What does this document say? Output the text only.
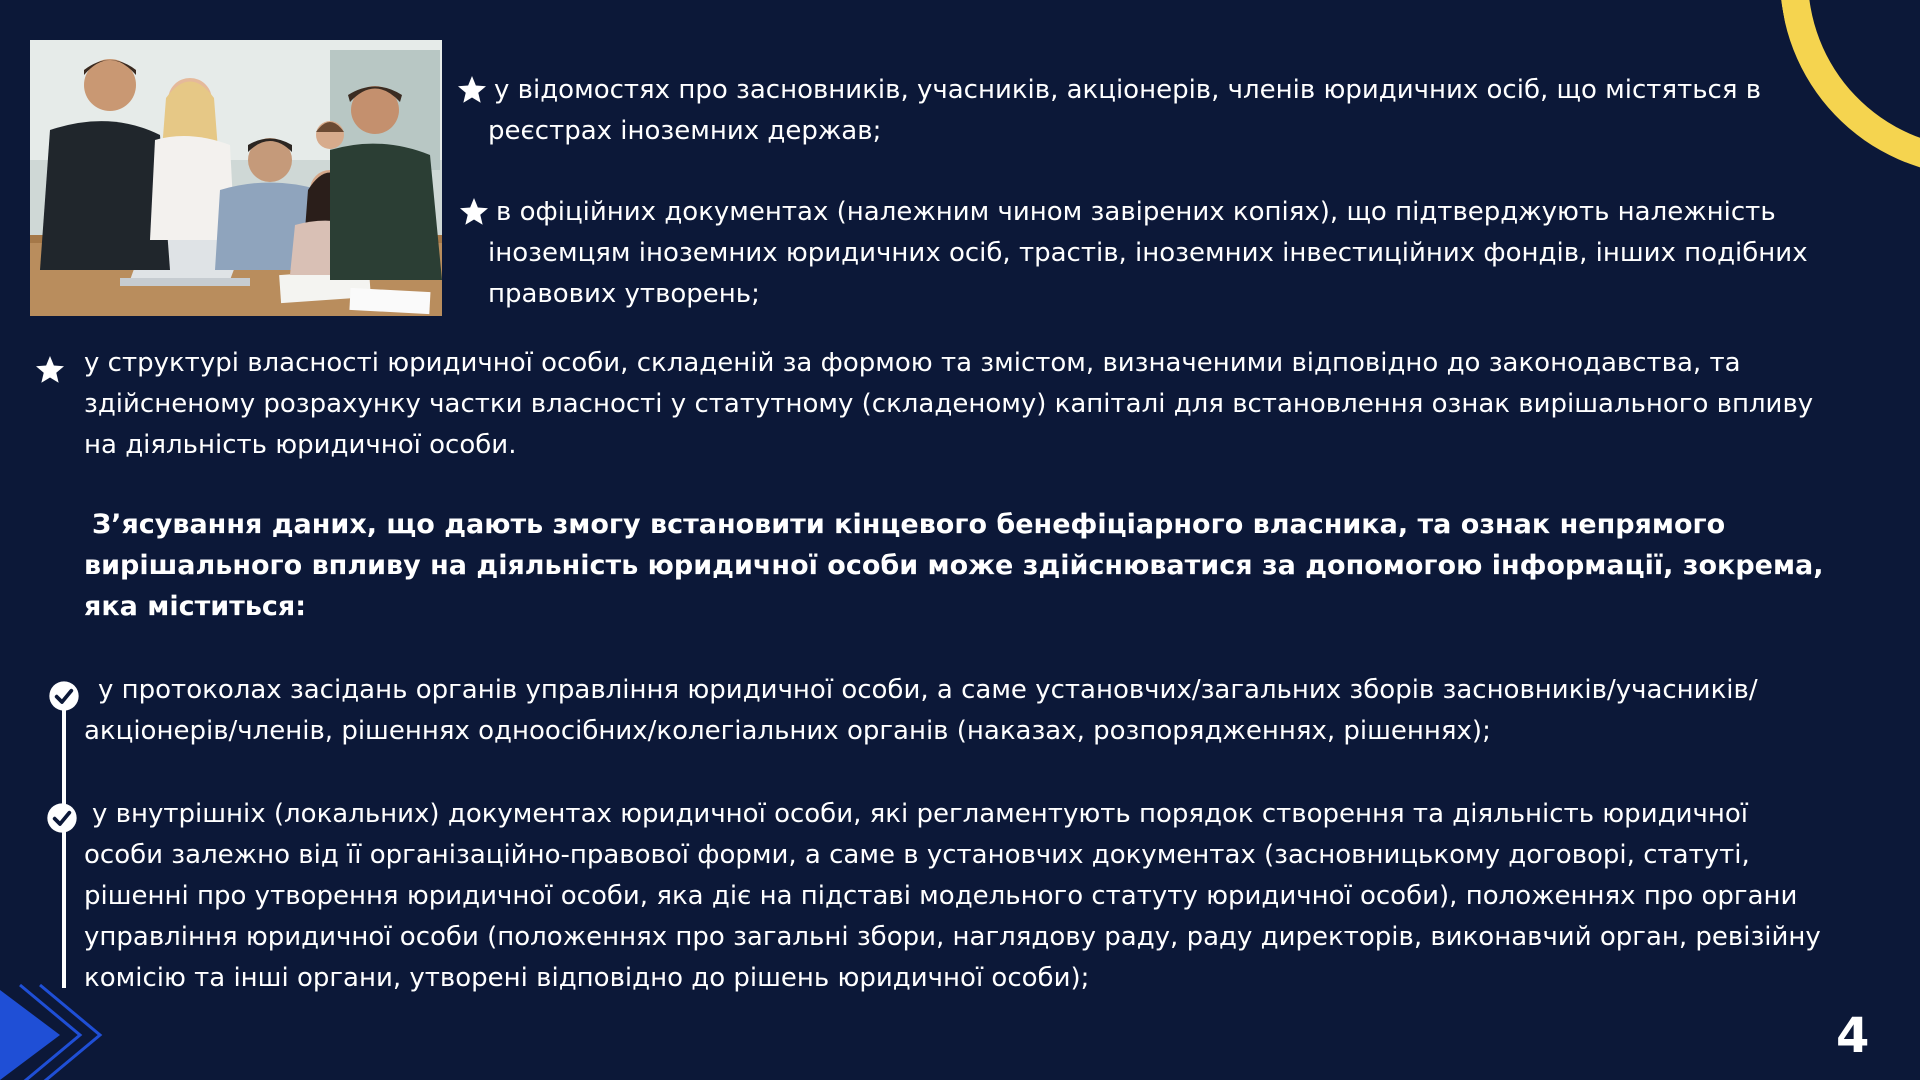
у відомостях про засновників, учасників, акціонерів, членів юридичних осіб, що містяться в
реєстрах іноземних держав;
в офіційних документах (належним чином завірених копіях), що підтверджують належність
іноземцям іноземних юридичних осіб, трастів, іноземних інвестиційних фондів, інших подібних
правових утворень;
у структурі власності юридичної особи, складеній за формою та змістом, визначеними відповідно до законодавства, та
здійсненому розрахунку частки власності у статутному (складеному) капіталі для встановлення ознак вирішального впливу
на діяльність юридичної особи.
З’ясування даних, що дають змогу встановити кінцевого бенефіціарного власника, та ознак непрямого
вирішального впливу на діяльність юридичної особи може здійснюватися за допомогою інформації, зокрема,
яка міститься:
у протоколах засідань органів управління юридичної особи, а саме установчих/загальних зборів засновників/учасників/
акціонерів/членів, рішеннях одноосібних/колегіальних органів (наказах, розпорядженнях, рішеннях);
у внутрішніх (локальних) документах юридичної особи, які регламентують порядок створення та діяльність юридичної
особи залежно від її організаційно-правової форми, а саме в установчих документах (засновницькому договорі, статуті,
рішенні про утворення юридичної особи, яка діє на підставі модельного статуту юридичної особи), положеннях про органи
управління юридичної особи (положеннях про загальні збори, наглядову раду, раду директорів, виконавчий орган, ревізійну
комісію та інші органи, утворені відповідно до рішень юридичної особи);
4
